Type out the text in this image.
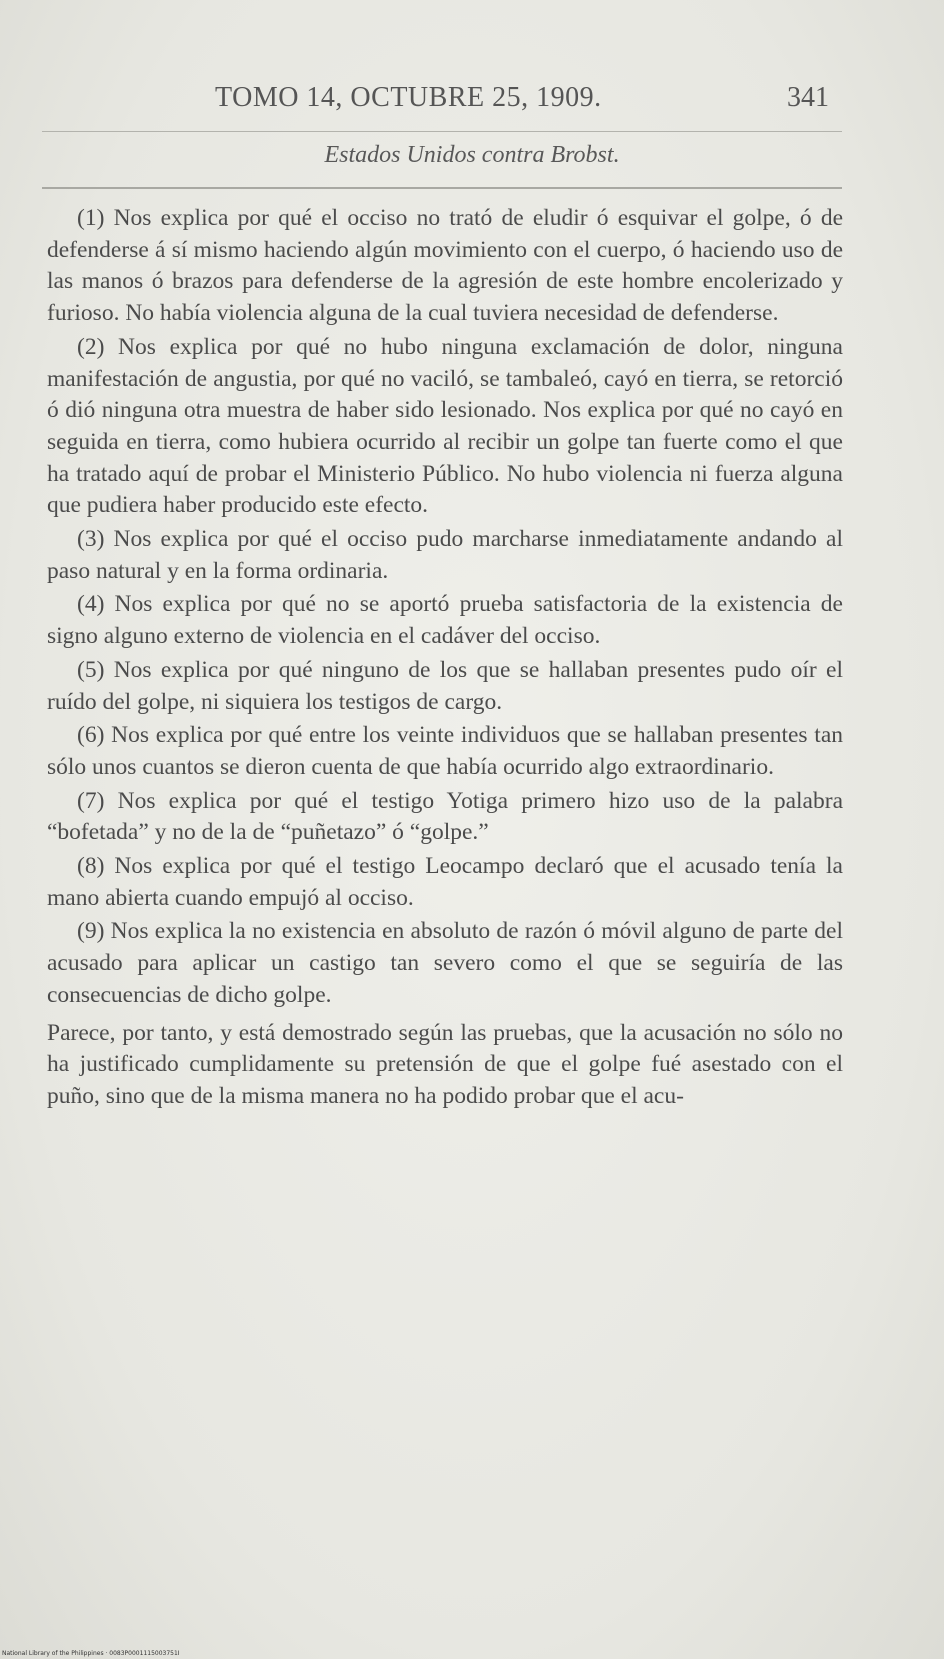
TOMO 14, OCTUBRE 25, 1909.	341
Estados Unidos contra Brobst.

(1) Nos explica por qué el occiso no trató de eludir ó esquivar el golpe, ó de defenderse á sí mismo haciendo algún movimiento con el cuerpo, ó haciendo uso de las manos ó brazos para defenderse de la agresión de este hombre encolerizado y furioso. No había violencia alguna de la cual tuviera necesidad de defenderse.

(2) Nos explica por qué no hubo ninguna exclamación de dolor, ninguna manifestación de angustia, por qué no vaciló, se tambaleó, cayó en tierra, se retorció ó dió ninguna otra muestra de haber sido lesionado. Nos explica por qué no cayó en seguida en tierra, como hubiera ocurrido al recibir un golpe tan fuerte como el que ha tratado aquí de probar el Ministerio Público. No hubo violencia ni fuerza alguna que pudiera haber producido este efecto.

(3) Nos explica por qué el occiso pudo marcharse inmediatamente andando al paso natural y en la forma ordinaria.

(4) Nos explica por qué no se aportó prueba satisfactoria de la existencia de signo alguno externo de violencia en el cadáver del occiso.

(5) Nos explica por qué ninguno de los que se hallaban presentes pudo oír el ruído del golpe, ni siquiera los testigos de cargo.

(6) Nos explica por qué entre los veinte individuos que se hallaban presentes tan sólo unos cuantos se dieron cuenta de que había ocurrido algo extraordinario.

(7) Nos explica por qué el testigo Yotiga primero hizo uso de la palabra “bofetada” y no de la de “puñetazo” ó “golpe.”

(8) Nos explica por qué el testigo Leocampo declaró que el acusado tenía la mano abierta cuando empujó al occiso.

(9) Nos explica la no existencia en absoluto de razón ó móvil alguno de parte del acusado para aplicar un castigo tan severo como el que se seguiría de las consecuencias de dicho golpe.

Parece, por tanto, y está demostrado según las pruebas, que la acusación no sólo no ha justificado cumplidamente su pretensión de que el golpe fué asestado con el puño, sino que de la misma manera no ha podido probar que el acu-

National Library of the Philippines · 0083P0001115003751I
